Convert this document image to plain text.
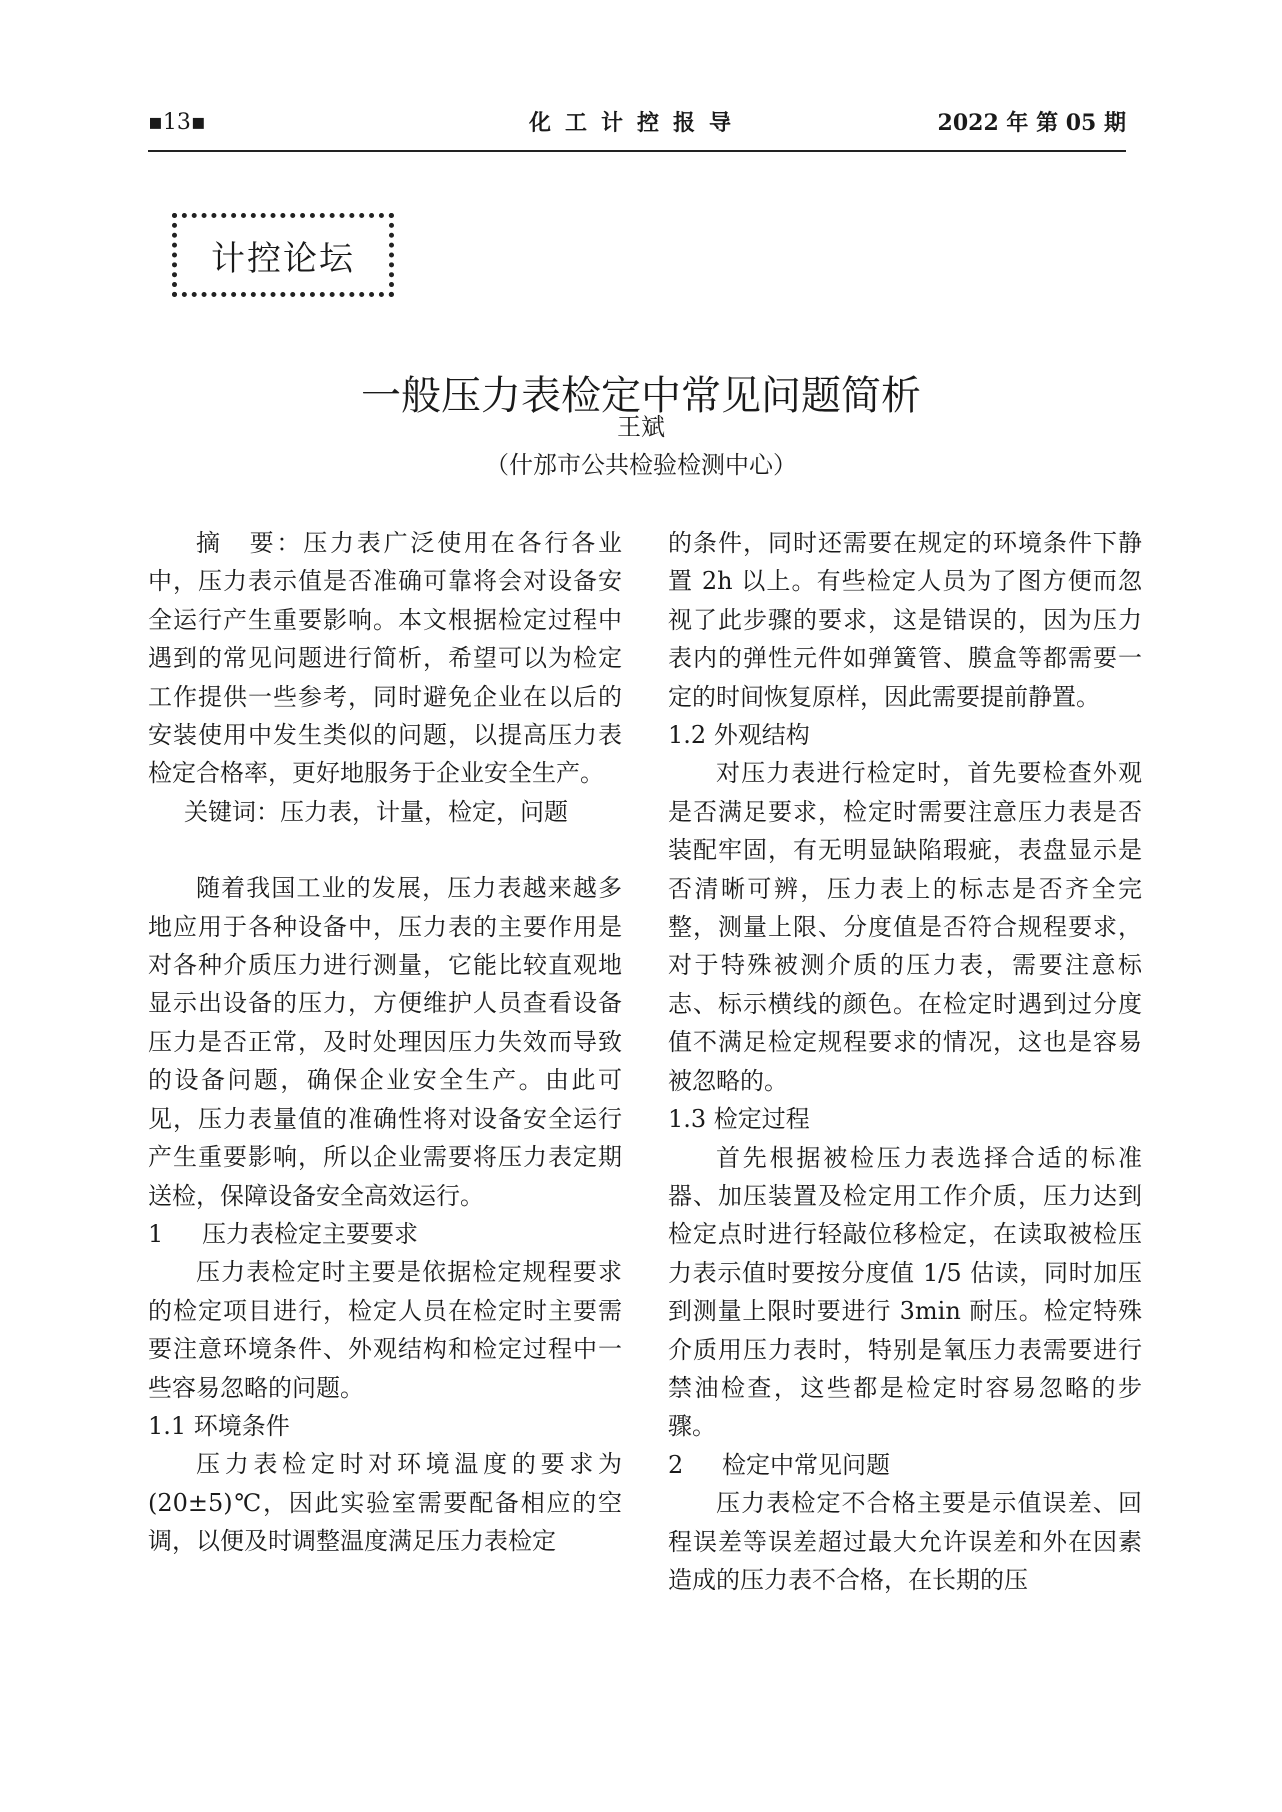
▪13▪	化工计控报导	2022 年 第 05 期
计控论坛
一般压力表检定中常见问题简析
王斌
（什邡市公共检验检测中心）

摘　要：压力表广泛使用在各行各业中，压力表示值是否准确可靠将会对设备安全运行产生重要影响。本文根据检定过程中遇到的常见问题进行简析，希望可以为检定工作提供一些参考，同时避免企业在以后的安装使用中发生类似的问题，以提高压力表检定合格率，更好地服务于企业安全生产。

关键词：压力表，计量，检定，问题

随着我国工业的发展，压力表越来越多地应用于各种设备中，压力表的主要作用是对各种介质压力进行测量，它能比较直观地显示出设备的压力，方便维护人员查看设备压力是否正常，及时处理因压力失效而导致的设备问题，确保企业安全生产。由此可见，压力表量值的准确性将对设备安全运行产生重要影响，所以企业需要将压力表定期送检，保障设备安全高效运行。

1 压力表检定主要要求

压力表检定时主要是依据检定规程要求的检定项目进行，检定人员在检定时主要需要注意环境条件、外观结构和检定过程中一些容易忽略的问题。

1.1 环境条件

压力表检定时对环境温度的要求为(20±5)℃，因此实验室需要配备相应的空调，以便及时调整温度满足压力表检定

的条件，同时还需要在规定的环境条件下静置 2h 以上。有些检定人员为了图方便而忽视了此步骤的要求，这是错误的，因为压力表内的弹性元件如弹簧管、膜盒等都需要一定的时间恢复原样，因此需要提前静置。

1.2 外观结构

对压力表进行检定时，首先要检查外观是否满足要求，检定时需要注意压力表是否装配牢固，有无明显缺陷瑕疵，表盘显示是否清晰可辨，压力表上的标志是否齐全完整，测量上限、分度值是否符合规程要求，对于特殊被测介质的压力表，需要注意标志、标示横线的颜色。在检定时遇到过分度值不满足检定规程要求的情况，这也是容易被忽略的。

1.3 检定过程

首先根据被检压力表选择合适的标准器、加压装置及检定用工作介质，压力达到检定点时进行轻敲位移检定，在读取被检压力表示值时要按分度值 1/5 估读，同时加压到测量上限时要进行 3min 耐压。检定特殊介质用压力表时，特别是氧压力表需要进行禁油检查，这些都是检定时容易忽略的步骤。

2 检定中常见问题

压力表检定不合格主要是示值误差、回程误差等误差超过最大允许误差和外在因素造成的压力表不合格，在长期的压
